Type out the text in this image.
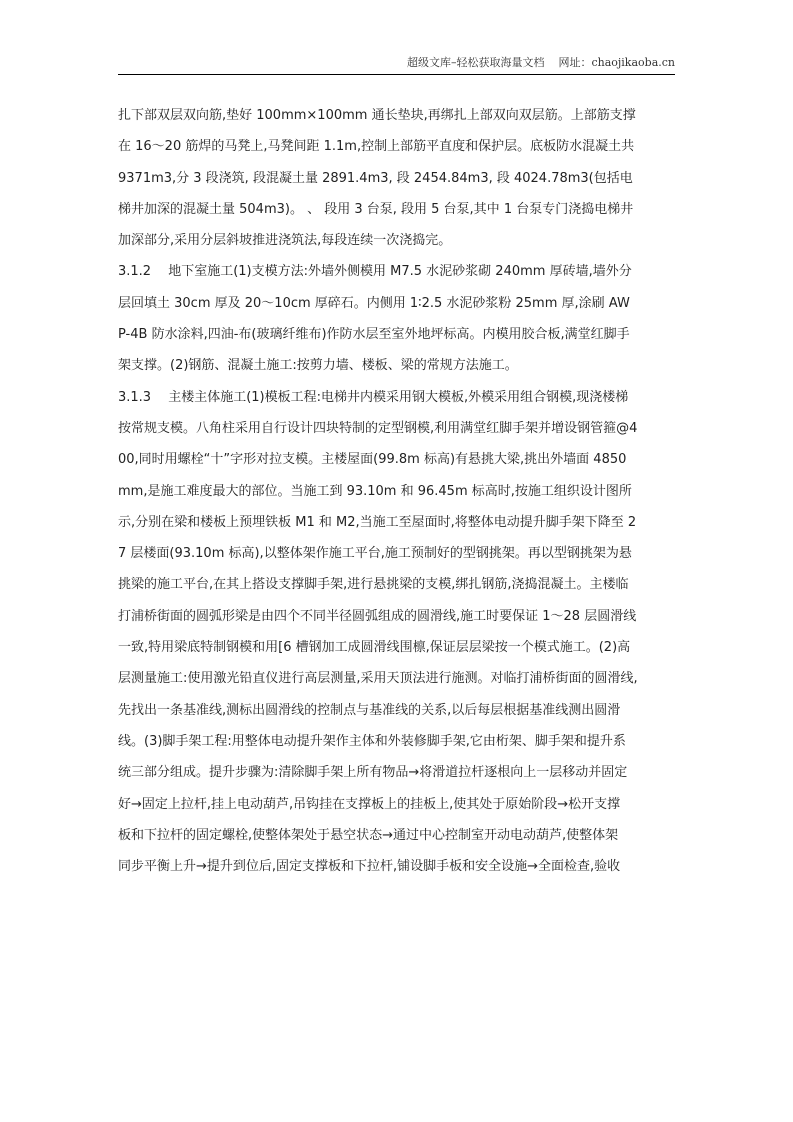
超级文库–轻松获取海量文档 网址：chaojikaoba.cn
扎下部双层双向筋,垫好 100mm×100mm 通长垫块,再绑扎上部双向双层筋。上部筋支撑
在 16～20 筋焊的马凳上,马凳间距 1.1m,控制上部筋平直度和保护层。底板防水混凝土共
9371m3,分 3 段浇筑, 段混凝土量 2891.4m3, 段 2454.84m3, 段 4024.78m3(包括电
梯井加深的混凝土量 504m3)。 、 段用 3 台泵, 段用 5 台泵,其中 1 台泵专门浇捣电梯井
加深部分,采用分层斜坡推进浇筑法,每段连续一次浇捣完。
3.1.2　 地下室施工(1)支模方法:外墙外侧模用 M7.5 水泥砂浆砌 240mm 厚砖墙,墙外分
层回填土 30cm 厚及 20～10cm 厚碎石。内侧用 1∶2.5 水泥砂浆粉 25mm 厚,涂刷 AW
P-4B 防水涂料,四油-布(玻璃纤维布)作防水层至室外地坪标高。内模用胶合板,满堂红脚手
架支撑。(2)钢筋、混凝土施工:按剪力墙、楼板、梁的常规方法施工。
3.1.3　 主楼主体施工(1)模板工程:电梯井内模采用钢大模板,外模采用组合钢模,现浇楼梯
按常规支模。八角柱采用自行设计四块特制的定型钢模,利用满堂红脚手架并增设钢管箍@4
00,同时用螺栓“十”字形对拉支模。主楼屋面(99.8m 标高)有悬挑大梁,挑出外墙面 4850
mm,是施工难度最大的部位。当施工到 93.10m 和 96.45m 标高时,按施工组织设计图所
示,分别在梁和楼板上预埋铁板 M1 和 M2,当施工至屋面时,将整体电动提升脚手架下降至 2
7 层楼面(93.10m 标高),以整体架作施工平台,施工预制好的型钢挑架。再以型钢挑架为悬
挑梁的施工平台,在其上搭设支撑脚手架,进行悬挑梁的支模,绑扎钢筋,浇捣混凝土。主楼临
打浦桥街面的圆弧形梁是由四个不同半径圆弧组成的圆滑线,施工时要保证 1～28 层圆滑线
一致,特用梁底特制钢模和用[6 槽钢加工成圆滑线围檩,保证层层梁按一个模式施工。(2)高
层测量施工:使用激光铅直仪进行高层测量,采用天顶法进行施测。对临打浦桥街面的圆滑线,
先找出一条基准线,测标出圆滑线的控制点与基准线的关系,以后每层根据基准线测出圆滑
线。(3)脚手架工程:用整体电动提升架作主体和外装修脚手架,它由桁架、脚手架和提升系
统三部分组成。提升步骤为:清除脚手架上所有物品→将滑道拉杆逐根向上一层移动并固定
好→固定上拉杆,挂上电动葫芦,吊钩挂在支撑板上的挂板上,使其处于原始阶段→松开支撑
板和下拉杆的固定螺栓,使整体架处于悬空状态→通过中心控制室开动电动葫芦,使整体架
同步平衡上升→提升到位后,固定支撑板和下拉杆,铺设脚手板和安全设施→全面检查,验收
